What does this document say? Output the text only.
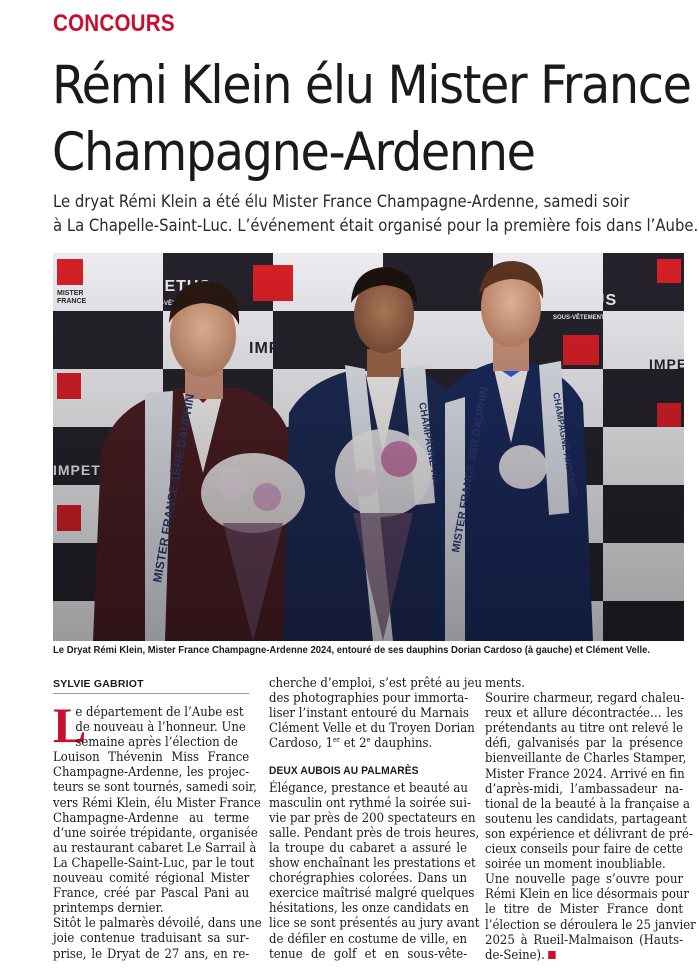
CONCOURS
Rémi Klein élu Mister France
Champagne-Ardenne
Le dryat Rémi Klein a été élu Mister France Champagne-Ardenne, samedi soir
à La Chapelle-Saint-Luc. L’événement était organisé pour la première fois dans l’Aube.
Le Dryat Rémi Klein, Mister France Champagne-Ardenne 2024, entouré de ses dauphins Dorian Cardoso (à gauche) et Clément Velle.
SYLVIE GABRIOT
L
e département de l’Aube est
de nouveau à l’honneur. Une
semaine après l’élection de
Louison Thévenin Miss France
Champagne-Ardenne, les projec-
teurs se sont tournés, samedi soir,
vers Rémi Klein, élu Mister France
Champagne-Ardenne au terme
d’une soirée trépidante, organisée
au restaurant cabaret Le Sarrail à
La Chapelle-Saint-Luc, par le tout
nouveau comité régional Mister
France, créé par Pascal Pani au
printemps dernier.
Sitôt le palmarès dévoilé, dans une
joie contenue traduisant sa sur-
prise, le Dryat de 27 ans, en re-
cherche d’emploi, s’est prêté au jeu
des photographies pour immorta-
liser l’instant entouré du Marnais
Clément Velle et du Troyen Dorian
Cardoso, 1er et 2e dauphins.
DEUX AUBOIS AU PALMARÈS
Élégance, prestance et beauté au
masculin ont rythmé la soirée sui-
vie par près de 200 spectateurs en
salle. Pendant près de trois heures,
la troupe du cabaret a assuré le
show enchaînant les prestations et
chorégraphies colorées. Dans un
exercice maîtrisé malgré quelques
hésitations, les onze candidats en
lice se sont présentés au jury avant
de défiler en costume de ville, en
tenue de golf et en sous-vête-
ments.
Sourire charmeur, regard chaleu-
reux et allure décontractée… les
prétendants au titre ont relevé le
défi, galvanisés par la présence
bienveillante de Charles Stamper,
Mister France 2024. Arrivé en fin
d’après-midi, l’ambassadeur na-
tional de la beauté à la française a
soutenu les candidats, partageant
son expérience et délivrant de pré-
cieux conseils pour faire de cette
soirée un moment inoubliable.
Une nouvelle page s’ouvre pour
Rémi Klein en lice désormais pour
le titre de Mister France dont
l’élection se déroulera le 25 janvier
2025 à Rueil-Malmaison (Hauts-
de-Seine).
